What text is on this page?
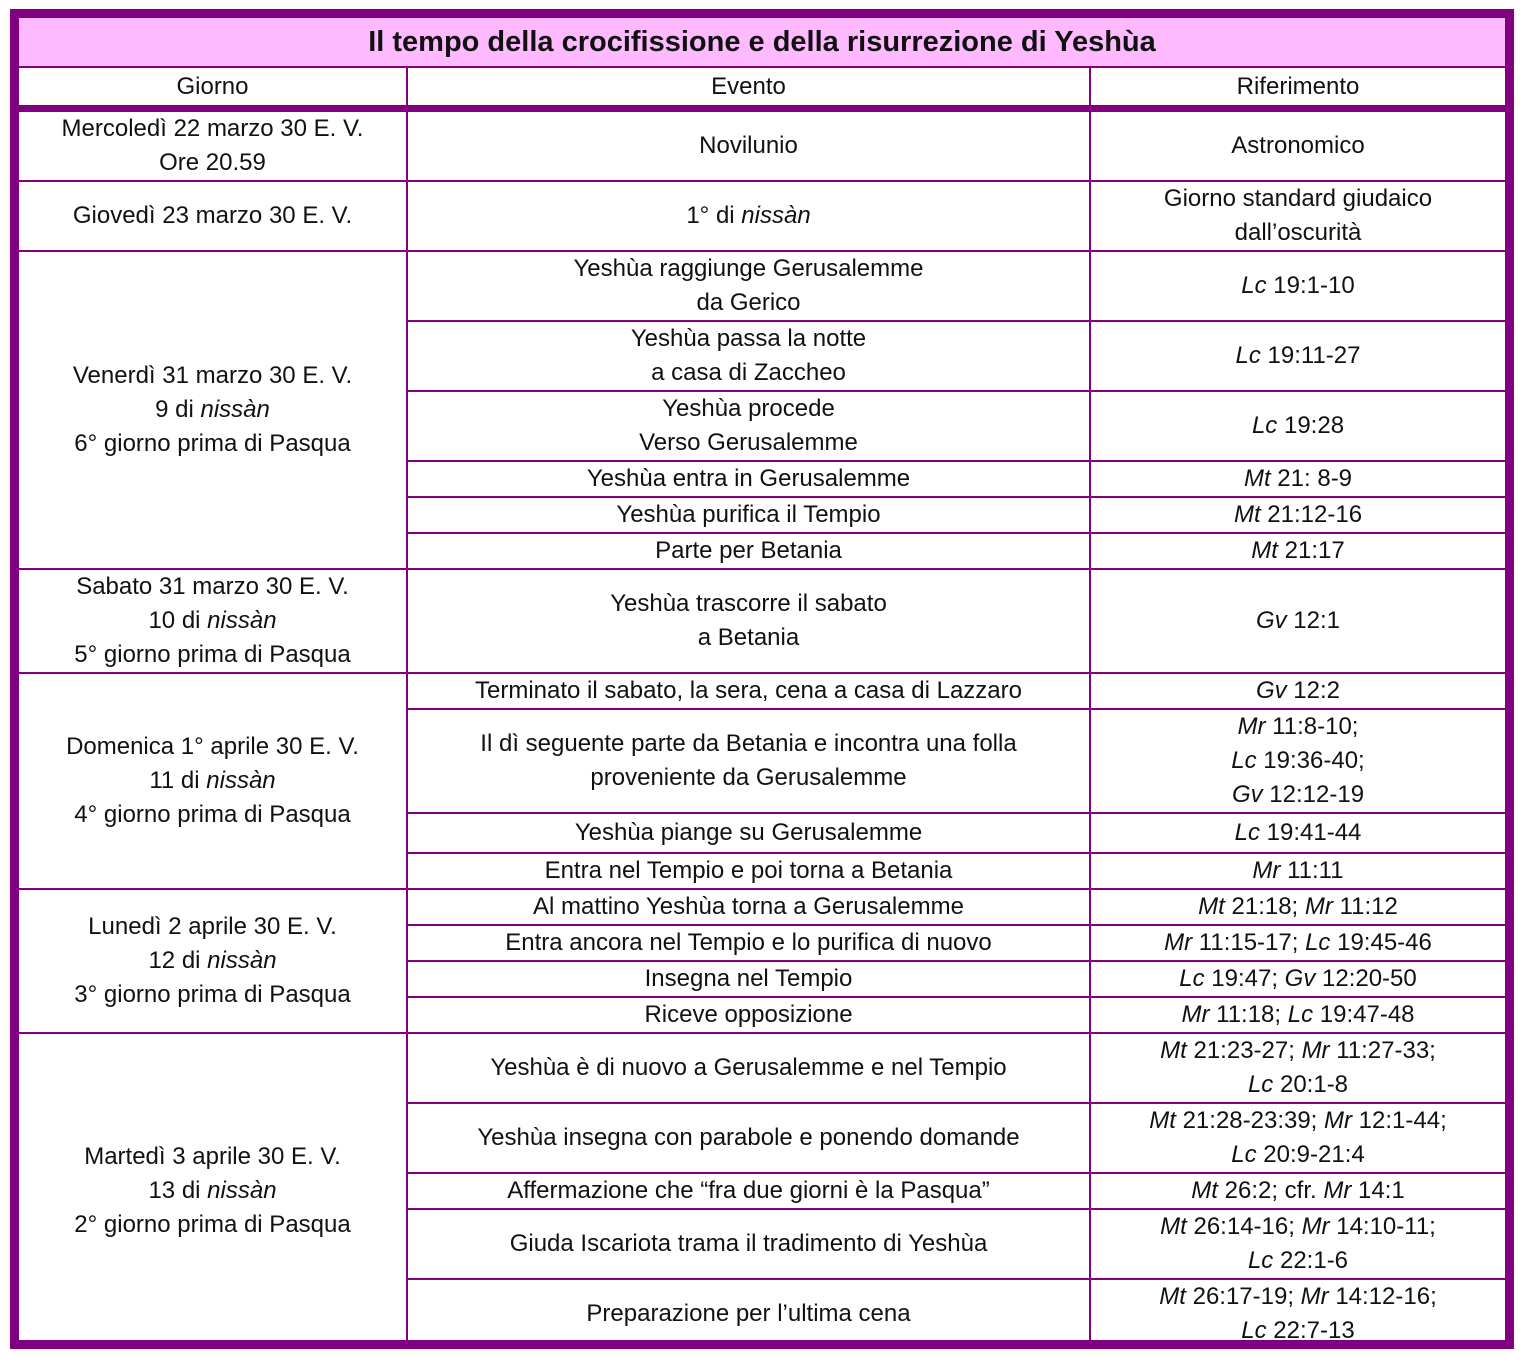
Il tempo della crocifissione e della risurrezione di Yeshùa
Giorno	Evento	Riferimento

Mercoledì 22 marzo 30 E. V.
Ore 20.59	Novilunio	Astronomico
Giovedì 23 marzo 30 E. V.	1° di nissàn	Giorno standard giudaico
dall’oscurità

Venerdì 31 marzo 30 E. V.
9 di nissàn
6° giorno prima di Pasqua	Yeshùa raggiunge Gerusalemme
da Gerico	Lc 19:1-10

	Yeshùa passa la notte
a casa di Zaccheo	Lc 19:11-27

	Yeshùa procede
Verso Gerusalemme	Lc 19:28
	Yeshùa entra in Gerusalemme	Mt 21: 8-9
	Yeshùa purifica il Tempio	Mt 21:12-16
	Parte per Betania	Mt 21:17

Sabato 31 marzo 30 E. V.
10 di nissàn
5° giorno prima di Pasqua	Yeshùa trascorre il sabato
a Betania	Gv 12:1

Domenica 1° aprile 30 E. V.
11 di nissàn
4° giorno prima di Pasqua	Terminato il sabato, la sera, cena a casa di Lazzaro	Gv 12:2

	Il dì seguente parte da Betania e incontra una folla
proveniente da Gerusalemme	Mr 11:8-10;
Lc 19:36-40;
Gv 12:12-19

	Yeshùa piange su Gerusalemme	Lc 19:41-44
	Entra nel Tempio e poi torna a Betania	Mr 11:11

Lunedì 2 aprile 30 E. V.
12 di nissàn
3° giorno prima di Pasqua	Al mattino Yeshùa torna a Gerusalemme	Mt 21:18; Mr 11:12
	Entra ancora nel Tempio e lo purifica di nuovo	Mr 11:15-17; Lc 19:45-46
	Insegna nel Tempio	Lc 19:47; Gv 12:20-50
	Riceve opposizione	Mr 11:18; Lc 19:47-48

Martedì 3 aprile 30 E. V.
13 di nissàn
2° giorno prima di Pasqua	Yeshùa è di nuovo a Gerusalemme e nel Tempio	Mt 21:23-27; Mr 11:27-33;
Lc 20:1-8

	Yeshùa insegna con parabole e ponendo domande	Mt 21:28-23:39; Mr 12:1-44;
Lc 20:9-21:4

	Affermazione che “fra due giorni è la Pasqua”	Mt 26:2; cfr. Mr 14:1
	Giuda Iscariota trama il tradimento di Yeshùa	Mt 26:14-16; Mr 14:10-11;
Lc 22:1-6

	Preparazione per l’ultima cena	Mt 26:17-19; Mr 14:12-16;
Lc 22:7-13
